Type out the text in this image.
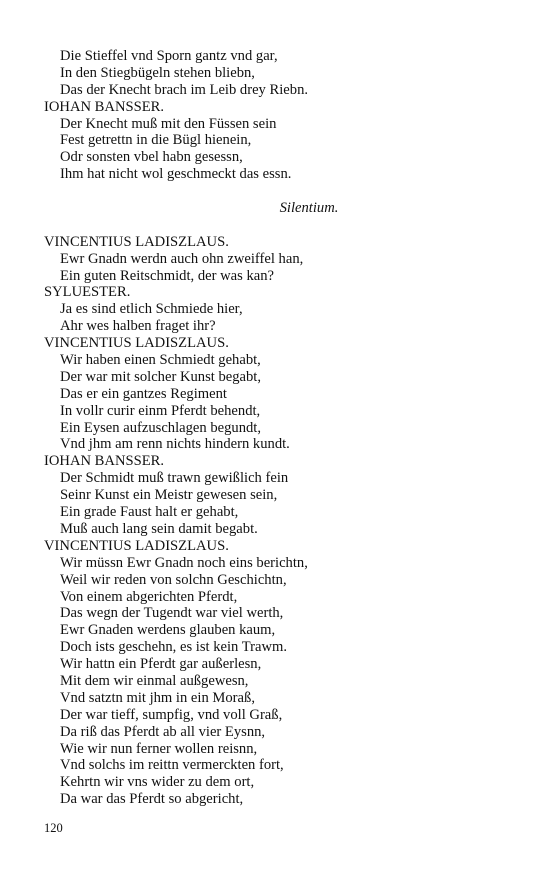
Die Stieffel vnd Sporn gantz vnd gar,
In den Stiegbügeln stehen bliebn,
Das der Knecht brach im Leib drey Riebn.
IOHAN BANSSER.
Der Knecht muß mit den Füssen sein
Fest getrettn in die Bügl hienein,
Odr sonsten vbel habn gesessn,
Ihm hat nicht wol geschmeckt das essn.
Silentium.
VINCENTIUS LADISZLAUS.
Ewr Gnadn werdn auch ohn zweiffel han,
Ein guten Reitschmidt, der was kan?
SYLUESTER.
Ja es sind etlich Schmiede hier,
Ahr wes halben fraget ihr?
VINCENTIUS LADISZLAUS.
Wir haben einen Schmiedt gehabt,
Der war mit solcher Kunst begabt,
Das er ein gantzes Regiment
In vollr curir einm Pferdt behendt,
Ein Eysen aufzuschlagen begundt,
Vnd jhm am renn nichts hindern kundt.
IOHAN BANSSER.
Der Schmidt muß trawn gewißlich fein
Seinr Kunst ein Meistr gewesen sein,
Ein grade Faust halt er gehabt,
Muß auch lang sein damit begabt.
VINCENTIUS LADISZLAUS.
Wir müssn Ewr Gnadn noch eins berichtn,
Weil wir reden von solchn Geschichtn,
Von einem abgerichten Pferdt,
Das wegn der Tugendt war viel werth,
Ewr Gnaden werdens glauben kaum,
Doch ists geschehn, es ist kein Trawm.
Wir hattn ein Pferdt gar außerlesn,
Mit dem wir einmal außgewesn,
Vnd satztn mit jhm in ein Moraß,
Der war tieff, sumpfig, vnd voll Graß,
Da riß das Pferdt ab all vier Eysnn,
Wie wir nun ferner wollen reisnn,
Vnd solchs im reittn vermerckten fort,
Kehrtn wir vns wider zu dem ort,
Da war das Pferdt so abgericht,
120
